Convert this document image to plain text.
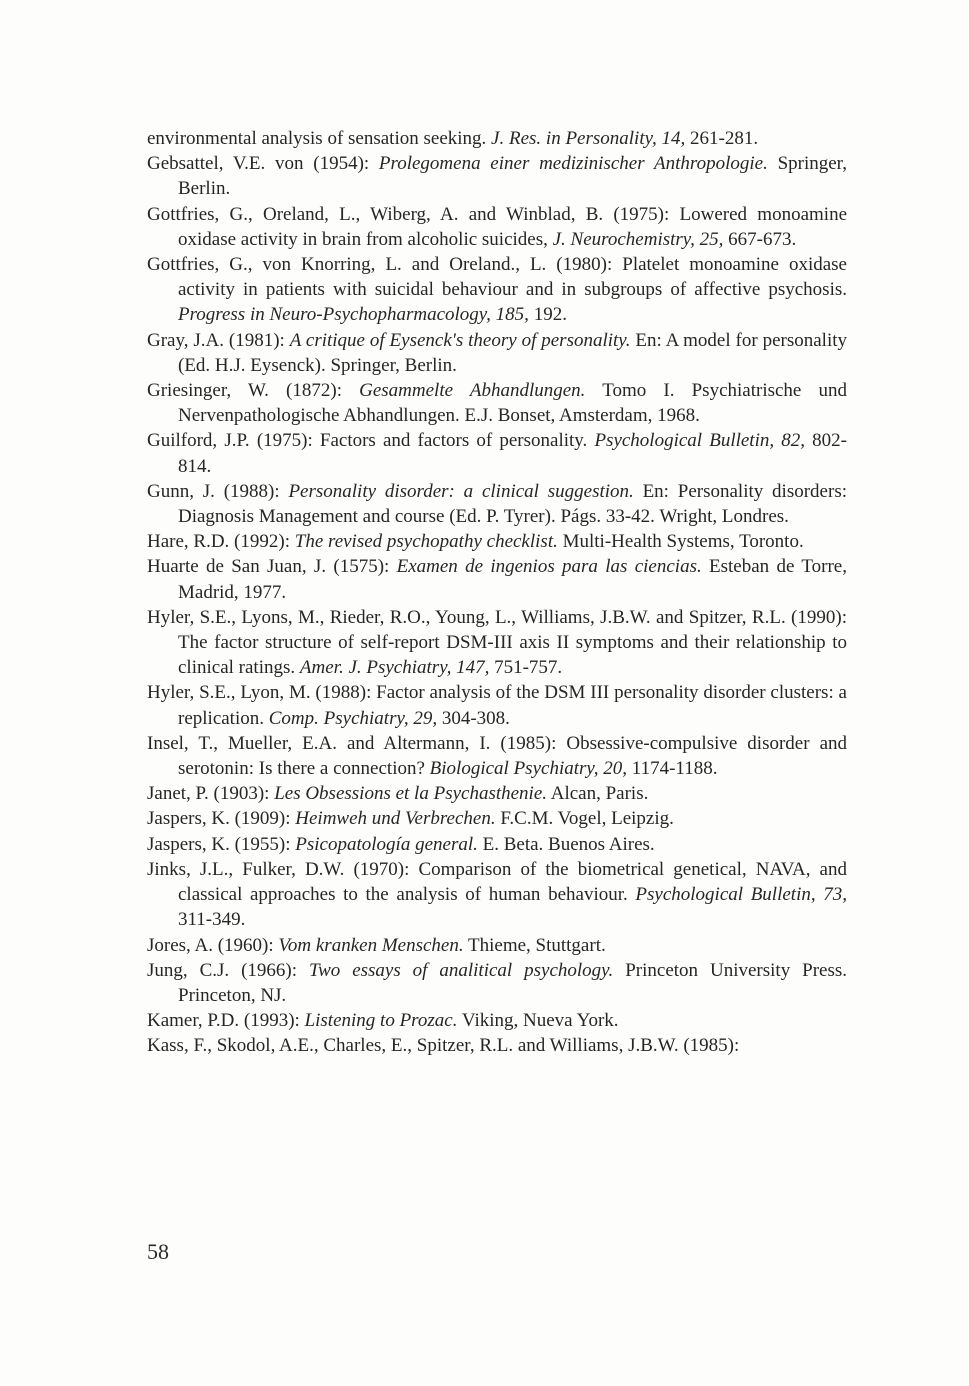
environmental analysis of sensation seeking. J. Res. in Personality, 14, 261-281.

Gebsattel, V.E. von (1954): Prolegomena einer medizinischer Anthropologie. Springer, Berlin.

Gottfries, G., Oreland, L., Wiberg, A. and Winblad, B. (1975): Lowered monoamine oxidase activity in brain from alcoholic suicides, J. Neurochemistry, 25, 667-673.

Gottfries, G., von Knorring, L. and Oreland., L. (1980): Platelet monoamine oxidase activity in patients with suicidal behaviour and in subgroups of affective psychosis. Progress in Neuro-Psychopharmacology, 185, 192.

Gray, J.A. (1981): A critique of Eysenck's theory of personality. En: A model for personality (Ed. H.J. Eysenck). Springer, Berlin.

Griesinger, W. (1872): Gesammelte Abhandlungen. Tomo I. Psychiatrische und Nervenpathologische Abhandlungen. E.J. Bonset, Amsterdam, 1968.

Guilford, J.P. (1975): Factors and factors of personality. Psychological Bulletin, 82, 802-814.

Gunn, J. (1988): Personality disorder: a clinical suggestion. En: Personality disorders: Diagnosis Management and course (Ed. P. Tyrer). Págs. 33-42. Wright, Londres.

Hare, R.D. (1992): The revised psychopathy checklist. Multi-Health Systems, Toronto.

Huarte de San Juan, J. (1575): Examen de ingenios para las ciencias. Esteban de Torre, Madrid, 1977.

Hyler, S.E., Lyons, M., Rieder, R.O., Young, L., Williams, J.B.W. and Spitzer, R.L. (1990): The factor structure of self-report DSM-III axis II symptoms and their relationship to clinical ratings. Amer. J. Psychiatry, 147, 751-757.

Hyler, S.E., Lyon, M. (1988): Factor analysis of the DSM III personality disorder clusters: a replication. Comp. Psychiatry, 29, 304-308.

Insel, T., Mueller, E.A. and Altermann, I. (1985): Obsessive-compulsive disorder and serotonin: Is there a connection? Biological Psychiatry, 20, 1174-1188.

Janet, P. (1903): Les Obsessions et la Psychasthenie. Alcan, Paris.

Jaspers, K. (1909): Heimweh und Verbrechen. F.C.M. Vogel, Leipzig.

Jaspers, K. (1955): Psicopatología general. E. Beta. Buenos Aires.

Jinks, J.L., Fulker, D.W. (1970): Comparison of the biometrical genetical, NAVA, and classical approaches to the analysis of human behaviour. Psychological Bulletin, 73, 311-349.

Jores, A. (1960): Vom kranken Menschen. Thieme, Stuttgart.

Jung, C.J. (1966): Two essays of analitical psychology. Princeton University Press. Princeton, NJ.

Kamer, P.D. (1993): Listening to Prozac. Viking, Nueva York.

Kass, F., Skodol, A.E., Charles, E., Spitzer, R.L. and Williams, J.B.W. (1985):

58
